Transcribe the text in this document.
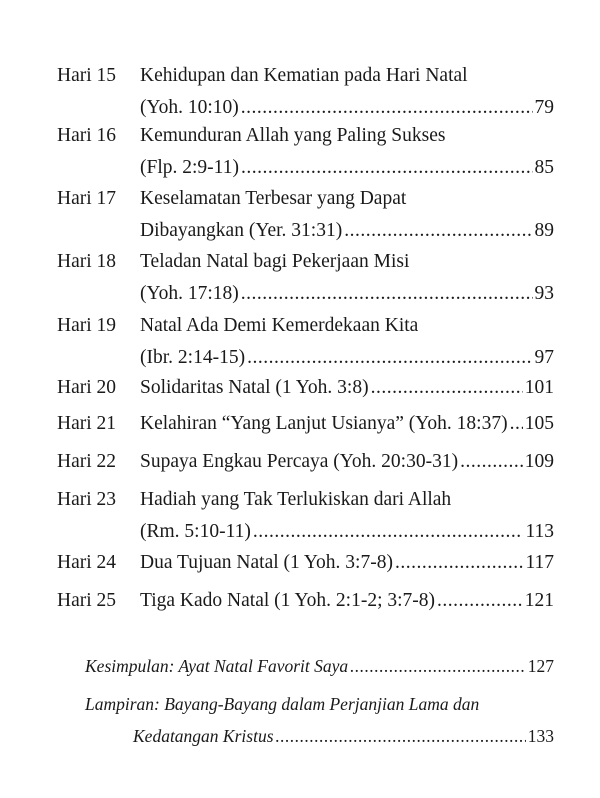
Hari 15 Kehidupan dan Kematian pada Hari Natal
(Yoh. 10:10) .....	79
Hari 16 Kemunduran Allah yang Paling Sukses
(Flp. 2:9-11) .....	85
Hari 17 Keselamatan Terbesar yang Dapat
Dibayangkan (Yer. 31:31) .....	89
Hari 18 Teladan Natal bagi Pekerjaan Misi
(Yoh. 17:18) .....	93
Hari 19 Natal Ada Demi Kemerdekaan Kita
(Ibr. 2:14-15) .....	97
Hari 20 Solidaritas Natal (1 Yoh. 3:8) .....	101
Hari 21 Kelahiran “Yang Lanjut Usianya” (Yoh. 18:37) ..... 105
Hari 22 Supaya Engkau Percaya (Yoh. 20:30-31) .....	109
Hari 23 Hadiah yang Tak Terlukiskan dari Allah
(Rm. 5:10-11) .....	113
Hari 24 Dua Tujuan Natal (1 Yoh. 3:7-8) .....	117
Hari 25 Tiga Kado Natal (1 Yoh. 2:1-2; 3:7-8) .....	121
Kesimpulan: Ayat Natal Favorit Saya .....	127
Lampiran: Bayang-Bayang dalam Perjanjian Lama dan
Kedatangan Kristus .....	133
